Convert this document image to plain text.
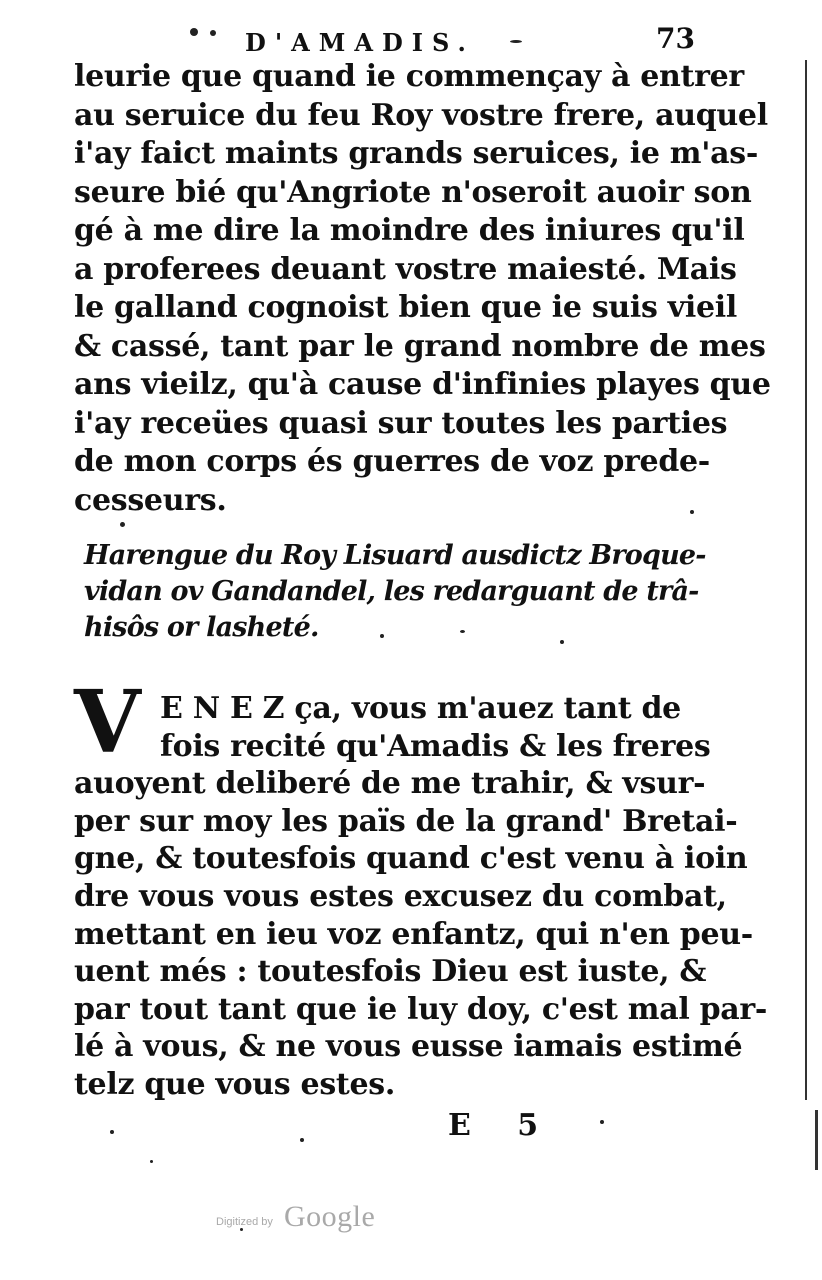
D'AMADIS.	73
leurie que quand ie commençay à entrer
au seruice du feu Roy vostre frere, auquel
i'ay faict maints grands seruices, ie m'as-
seure bié qu'Angriote n'oseroit auoir son
gé à me dire la moindre des iniures qu'il
a proferees deuant vostre maiesté. Mais
le galland cognoist bien que ie suis vieil
& cassé, tant par le grand nombre de mes
ans vieilz, qu'à cause d'infinies playes que
i'ay receües quasi sur toutes les parties
de mon corps és guerres de voz prede-
cesseurs.
Harengue du Roy Lisuard ausdictz Broque-
vidan ov Gandandel, les redarguant de trâ-
hisôs or lasheté.
V E N E Z ça, vous m'auez tant de
fois recité qu'Amadis & les freres
auoyent deliberé de me trahir, & vsur-
per sur moy les païs de la grand' Bretai-
gne, & toutesfois quand c'est venu à ioin
dre vous vous estes excusez du combat,
mettant en ieu voz enfantz, qui n'en peu-
uent més : toutesfois Dieu est iuste, &
par tout tant que ie luy doy, c'est mal par-
lé à vous, & ne vous eusse iamais estimé
telz que vous estes.
E 5
Digitized by Google
